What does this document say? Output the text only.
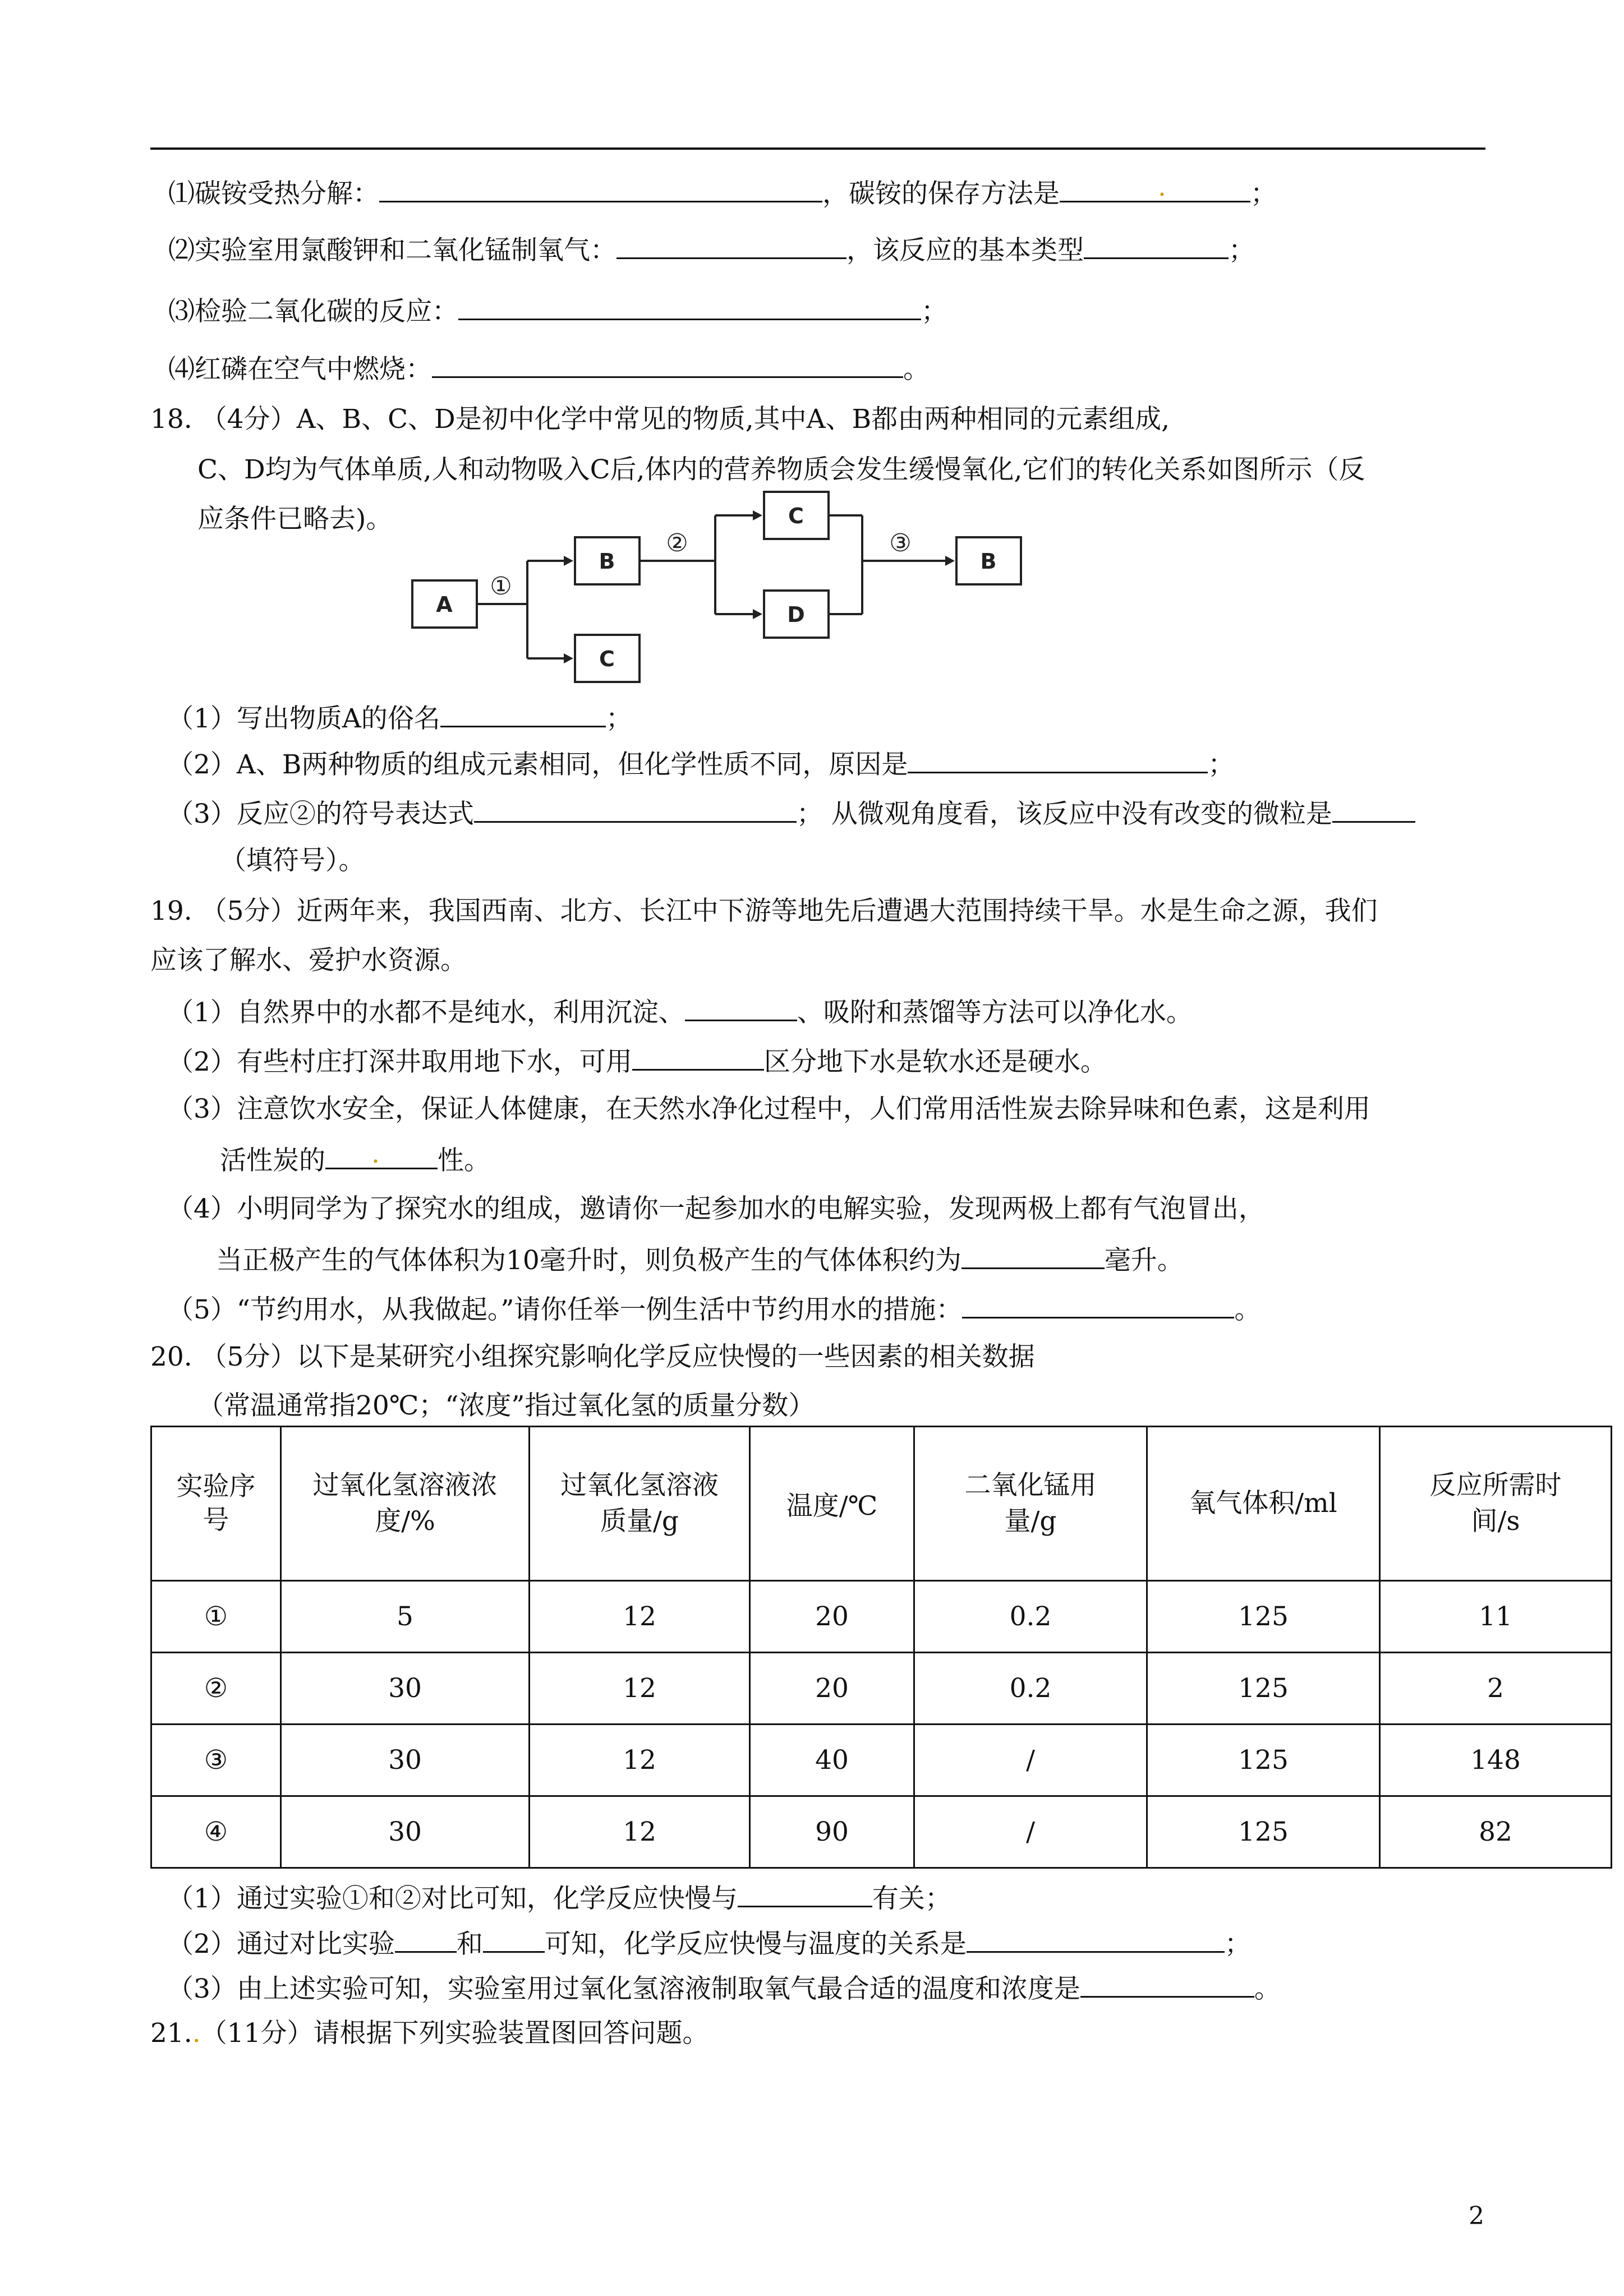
⑴碳铵受热分解：	，碳铵的保存方法是	.	；
⑵实验室用氯酸钾和二氧化锰制氧气：	，该反应的基本类型	；
⑶检验二氧化碳的反应：	；
⑷红磷在空气中燃烧：	。
18. （4分）A、B、C、D是初中化学中常见的物质,其中A、B都由两种相同的元素组成,
C、D均为气体单质,人和动物吸入C后,体内的营养物质会发生缓慢氧化,它们的转化关系如图所示（反
应条件已略去)。
A
B
C
C
D
B
①
②	③
（1）写出物质A的俗名	；
（2）A、B两种物质的组成元素相同，但化学性质不同，原因是	；
（3）反应②的符号表达式	； 从微观角度看，该反应中没有改变的微粒是
（填符号）。
19. （5分）近两年来，我国西南、北方、长江中下游等地先后遭遇大范围持续干旱。水是生命之源，我们
应该了解水、爱护水资源。
（1）自然界中的水都不是纯水，利用沉淀、	、吸附和蒸馏等方法可以净化水。
（2）有些村庄打深井取用地下水，可用	区分地下水是软水还是硬水。
（3）注意饮水安全，保证人体健康，在天然水净化过程中，人们常用活性炭去除异味和色素，这是利用
活性炭的 . 性。
（4）小明同学为了探究水的组成，邀请你一起参加水的电解实验，发现两极上都有气泡冒出，
当正极产生的气体体积为10毫升时，则负极产生的气体体积约为	毫升。
（5）“节约用水，从我做起。”请你任举一例生活中节约用水的措施：	。
20. （5分）以下是某研究小组探究影响化学反应快慢的一些因素的相关数据
（常温通常指20℃；“浓度”指过氧化氢的质量分数）
实验序号	过氧化氢溶液浓度/%	过氧化氢溶液质量/g	温度/℃	二氧化锰用量/g	氧气体积/ml	反应所需时间/s
①	5	12	20	0.2	125	11
②	30	12	20	0.2	125	2
③	30	12	40	/	125	148
④	30	12	90	/	125	82
（1）通过实验①和②对比可知，化学反应快慢与	有关；
（2）通过对比实验 和 可知，化学反应快慢与温度的关系是	；
（3）由上述实验可知，实验室用过氧化氢溶液制取氧气最合适的温度和浓度是	。
21..（11分）请根据下列实验装置图回答问题。
2
